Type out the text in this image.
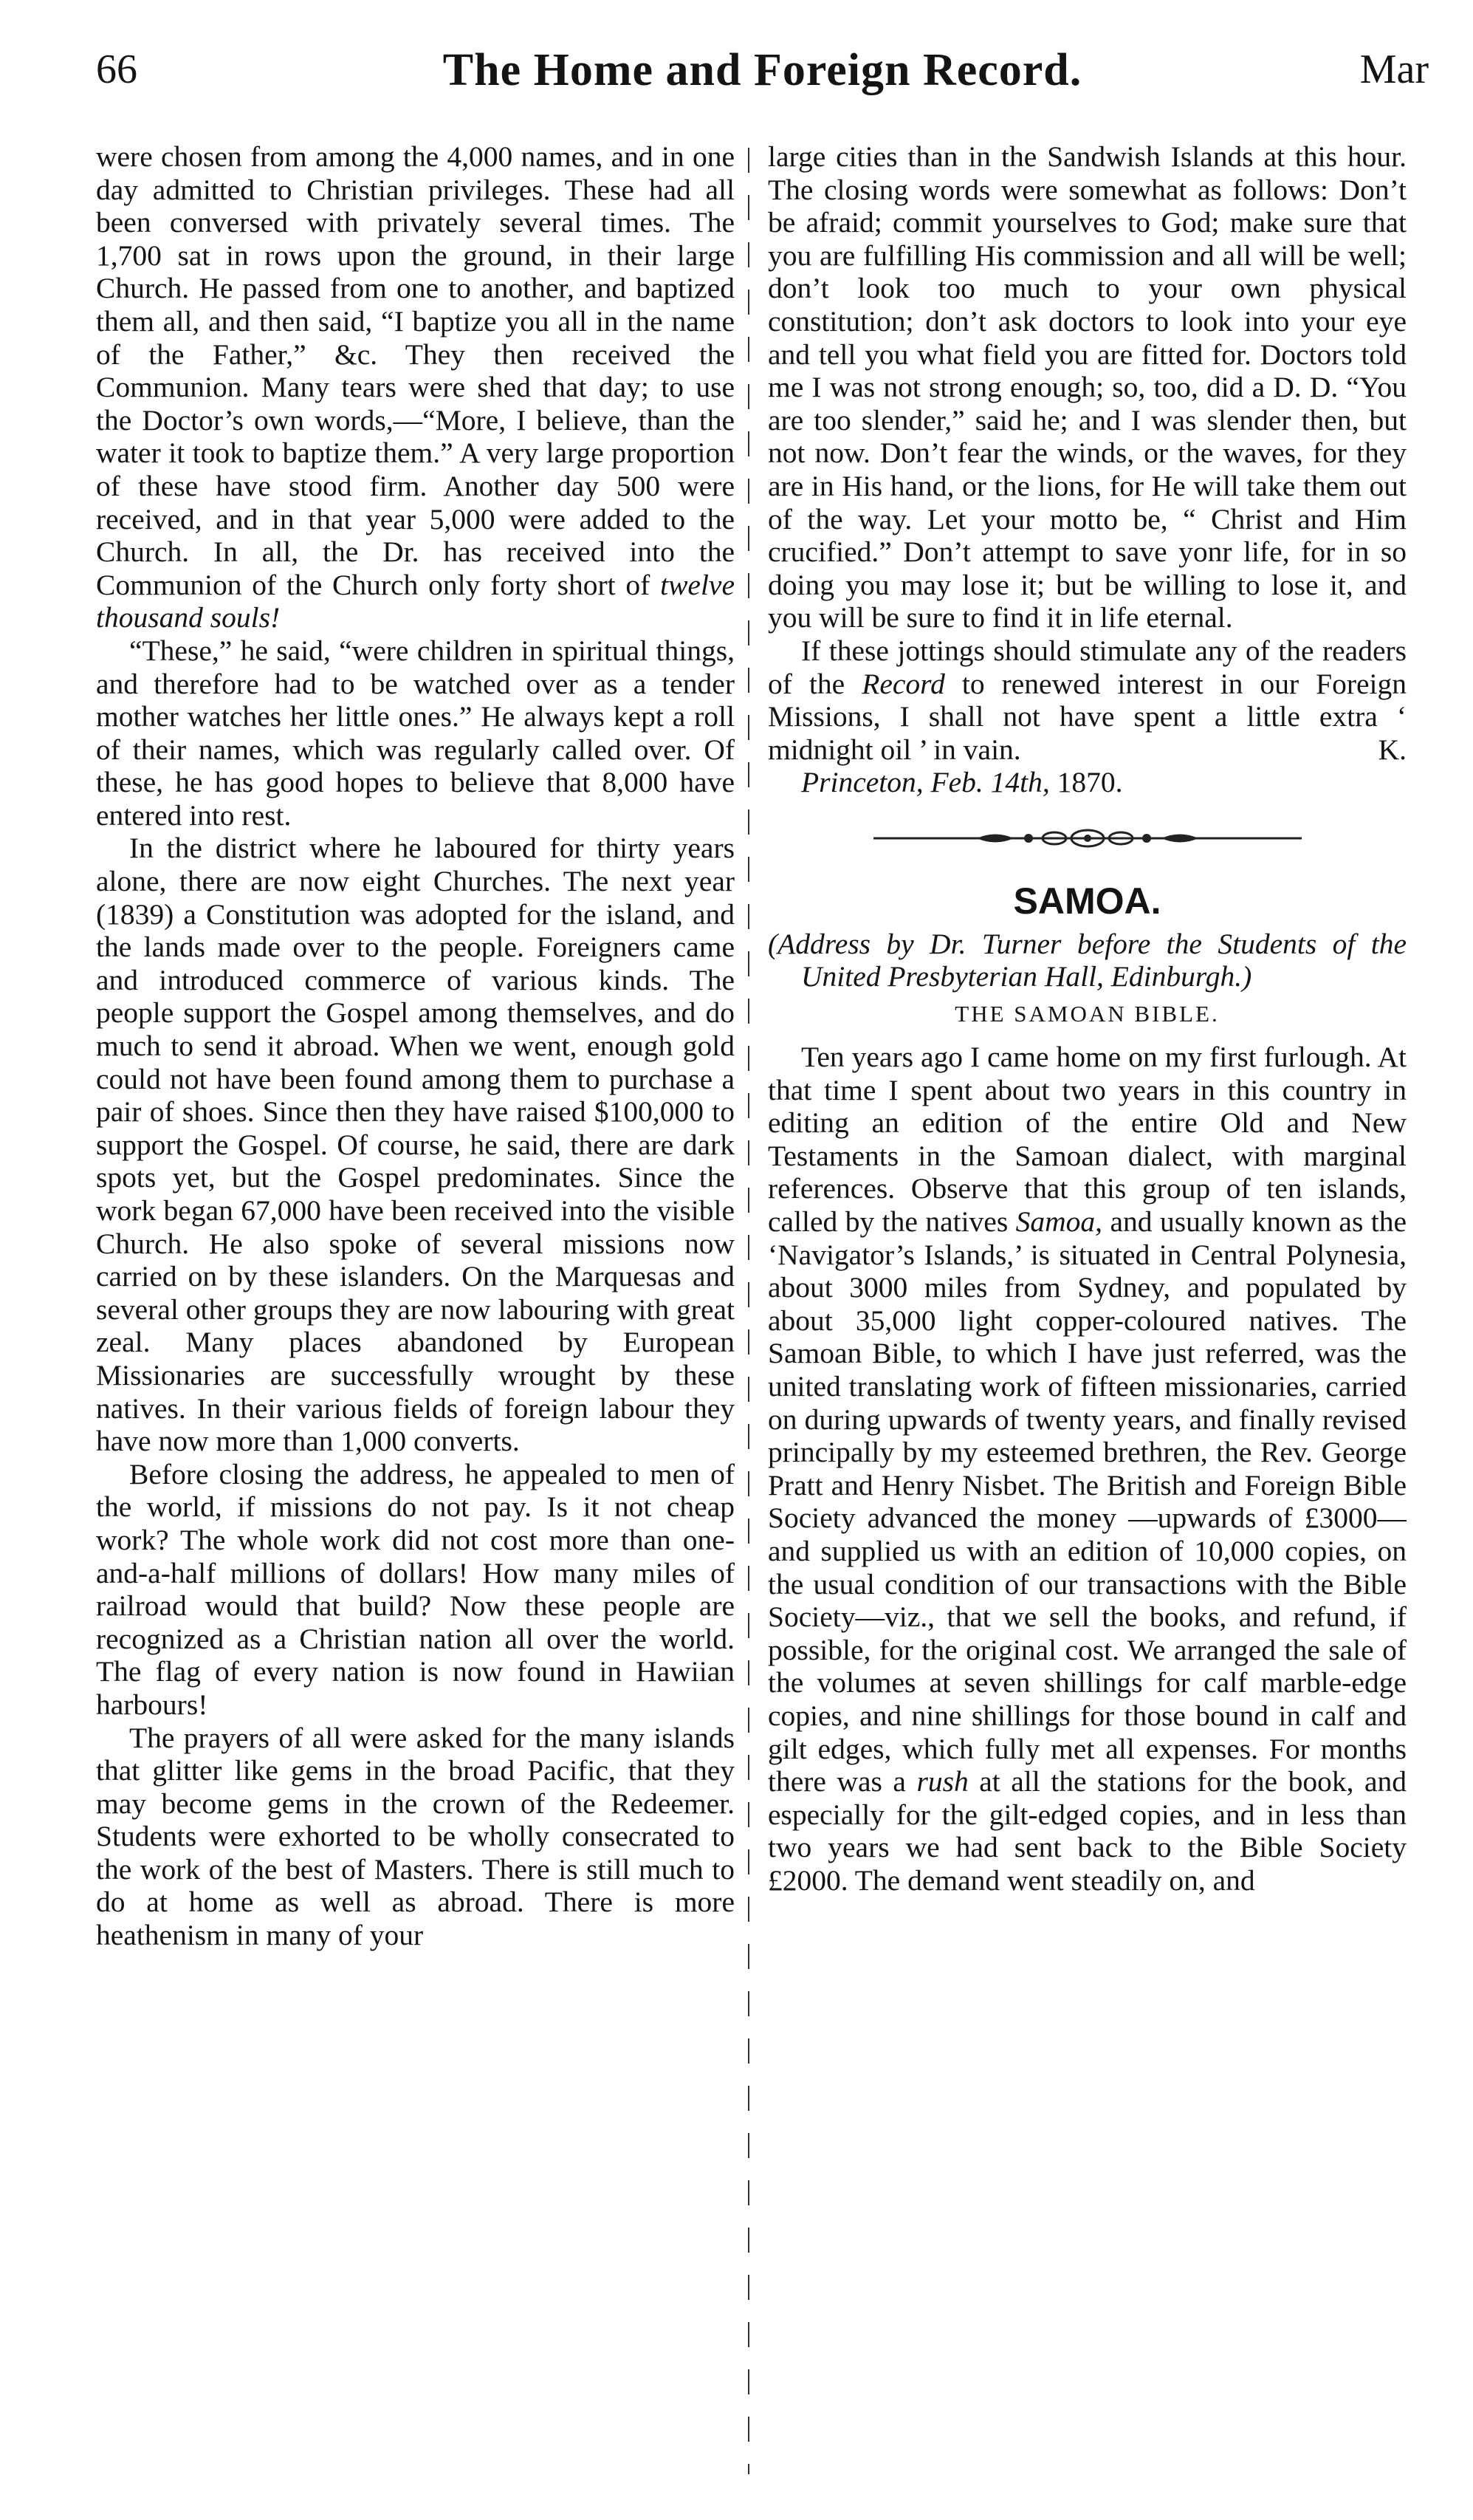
66	The Home and Foreign Record.	Mar

were chosen from among the 4,000 names, and in one day admitted to Christian privileges. These had all been conversed with privately several times. The 1,700 sat in rows upon the ground, in their large Church. He passed from one to another, and baptized them all, and then said, “I baptize you all in the name of the Father,” &c. They then received the Communion. Many tears were shed that day; to use the Doctor’s own words,—“More, I believe, than the water it took to baptize them.” A very large proportion of these have stood firm. Another day 500 were received, and in that year 5,000 were added to the Church. In all, the Dr. has received into the Communion of the Church only forty short of twelve thousand souls!

“These,” he said, “were children in spiritual things, and therefore had to be watched over as a tender mother watches her little ones.” He always kept a roll of their names, which was regularly called over. Of these, he has good hopes to believe that 8,000 have entered into rest.

In the district where he laboured for thirty years alone, there are now eight Churches. The next year (1839) a Constitution was adopted for the island, and the lands made over to the people. Foreigners came and introduced commerce of various kinds. The people support the Gospel among themselves, and do much to send it abroad. When we went, enough gold could not have been found among them to purchase a pair of shoes. Since then they have raised $100,000 to support the Gospel. Of course, he said, there are dark spots yet, but the Gospel predominates. Since the work began 67,000 have been received into the visible Church. He also spoke of several missions now carried on by these islanders. On the Marquesas and several other groups they are now labouring with great zeal. Many places abandoned by European Missionaries are successfully wrought by these natives. In their various fields of foreign labour they have now more than 1,000 converts.

Before closing the address, he appealed to men of the world, if missions do not pay. Is it not cheap work? The whole work did not cost more than one-and-a-half millions of dollars! How many miles of railroad would that build? Now these people are recognized as a Christian nation all over the world. The flag of every nation is now found in Hawiian harbours!

The prayers of all were asked for the many islands that glitter like gems in the broad Pacific, that they may become gems in the crown of the Redeemer. Students were exhorted to be wholly consecrated to the work of the best of Masters. There is still much to do at home as well as abroad. There is more heathenism in many of your

large cities than in the Sandwish Islands at this hour. The closing words were somewhat as follows: Don’t be afraid; commit yourselves to God; make sure that you are fulfilling His commission and all will be well; don’t look too much to your own physical constitution; don’t ask doctors to look into your eye and tell you what field you are fitted for. Doctors told me I was not strong enough; so, too, did a D. D. “You are too slender,” said he; and I was slender then, but not now. Don’t fear the winds, or the waves, for they are in His hand, or the lions, for He will take them out of the way. Let your motto be, “ Christ and Him crucified.” Don’t attempt to save yonr life, for in so doing you may lose it; but be willing to lose it, and you will be sure to find it in life eternal.

If these jottings should stimulate any of the readers of the Record to renewed interest in our Foreign Missions, I shall not have spent a little extra ‘ midnight oil ’ in vain.	K.

Princeton, Feb. 14th, 1870.

SAMOA.

(Address by Dr. Turner before the Students of the United Presbyterian Hall, Edinburgh.)

THE SAMOAN BIBLE.

Ten years ago I came home on my first furlough. At that time I spent about two years in this country in editing an edition of the entire Old and New Testaments in the Samoan dialect, with marginal references. Observe that this group of ten islands, called by the natives Samoa, and usually known as the ‘Navigator’s Islands,’ is situated in Central Polynesia, about 3000 miles from Sydney, and populated by about 35,000 light copper-coloured natives. The Samoan Bible, to which I have just referred, was the united translating work of fifteen missionaries, carried on during upwards of twenty years, and finally revised principally by my esteemed brethren, the Rev. George Pratt and Henry Nisbet. The British and Foreign Bible Society advanced the money —upwards of £3000—and supplied us with an edition of 10,000 copies, on the usual condition of our transactions with the Bible Society—viz., that we sell the books, and refund, if possible, for the original cost. We arranged the sale of the volumes at seven shillings for calf marble-edge copies, and nine shillings for those bound in calf and gilt edges, which fully met all expenses. For months there was a rush at all the stations for the book, and especially for the gilt-edged copies, and in less than two years we had sent back to the Bible Society £2000. The demand went steadily on, and
